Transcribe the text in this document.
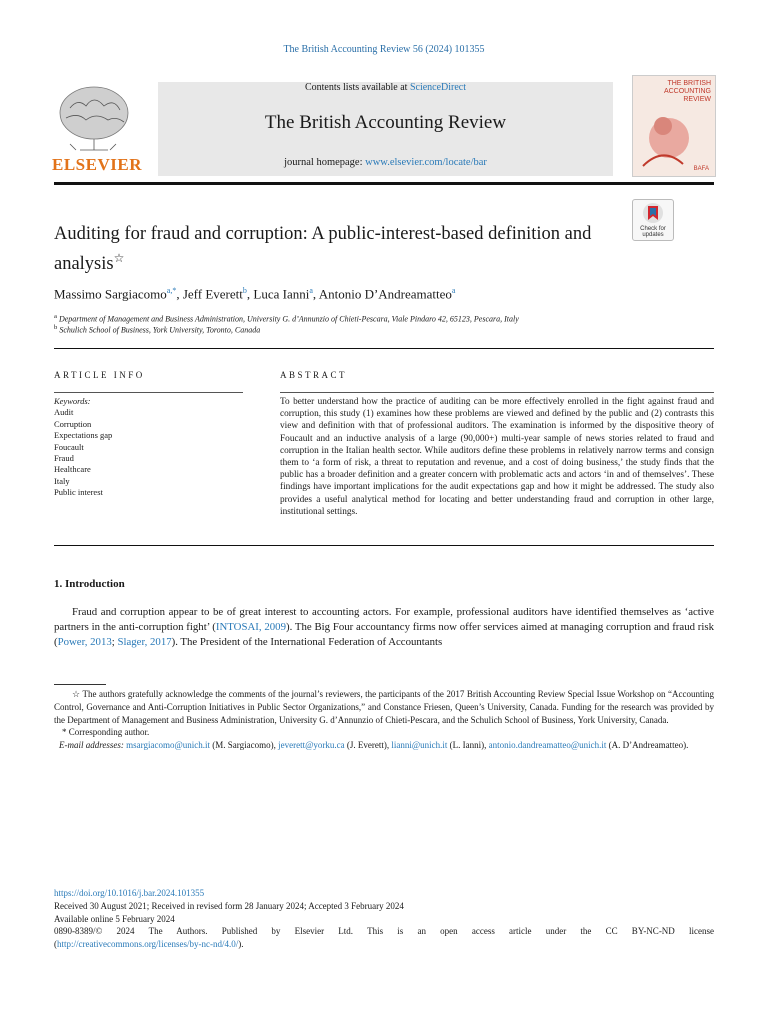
The British Accounting Review 56 (2024) 101355
Contents lists available at ScienceDirect
The British Accounting Review
journal homepage: www.elsevier.com/locate/bar
ELSEVIER
THE BRITISH ACCOUNTING REVIEW
BAFA
Check for updates
Auditing for fraud and corruption: A public-interest-based definition and analysis☆
Massimo Sargiacomo$^{a,*}$, Jeff Everett$^b$, Luca Ianni$^a$, Antonio D’Andreamatteo$^a$
$^a$ Department of Management and Business Administration, University G. d’Annunzio of Chieti-Pescara, Viale Pindaro 42, 65123, Pescara, Italy
$^b$ Schulich School of Business, York University, Toronto, Canada
ARTICLE INFO	ABSTRACT
Keywords:
Audit
Corruption
Expectations gap
Foucault
Fraud
Healthcare
Italy
Public interest
To better understand how the practice of auditing can be more effectively enrolled in the fight against fraud and corruption, this study (1) examines how these problems are viewed and defined by the public and (2) contrasts this view and definition with that of professional auditors. The examination is informed by the dispositive theory of Foucault and an inductive analysis of a large (90,000+) multi-year sample of news stories related to fraud and corruption in the Italian health sector. While auditors define these problems in relatively narrow terms and consign them to ‘a form of risk, a threat to reputation and revenue, and a cost of doing business,’ the study finds that the public has a broader definition and a greater concern with problematic acts and actors ‘in and of themselves’. These findings have important implications for the audit expectations gap and how it might be addressed. The study also provides a useful analytical method for locating and better understanding fraud and corruption in other large, institutional settings.
1. Introduction
Fraud and corruption appear to be of great interest to accounting actors. For example, professional auditors have identified themselves as ‘active partners in the anti-corruption fight’ (INTOSAI, 2009). The Big Four accountancy firms now offer services aimed at managing corruption and fraud risk (Power, 2013; Slager, 2017). The President of the International Federation of Accountants
☆ The authors gratefully acknowledge the comments of the journal’s reviewers, the participants of the 2017 British Accounting Review Special Issue Workshop on “Accounting Control, Governance and Anti-Corruption Initiatives in Public Sector Organizations,” and Constance Friesen, Queen’s University, Canada. Funding for the research was provided by the Department of Management and Business Administration, University G. d’Annunzio of Chieti-Pescara, and the Schulich School of Business, York University, Canada.
* Corresponding author.
E-mail addresses: msargiacomo@unich.it (M. Sargiacomo), jeverett@yorku.ca (J. Everett), lianni@unich.it (L. Ianni), antonio.dandreamatteo@unich.it (A. D’Andreamatteo).
https://doi.org/10.1016/j.bar.2024.101355
Received 30 August 2021; Received in revised form 28 January 2024; Accepted 3 February 2024
Available online 5 February 2024
0890-8389/© 2024 The Authors. Published by Elsevier Ltd. This is an open access article under the CC BY-NC-ND license
(http://creativecommons.org/licenses/by-nc-nd/4.0/).
